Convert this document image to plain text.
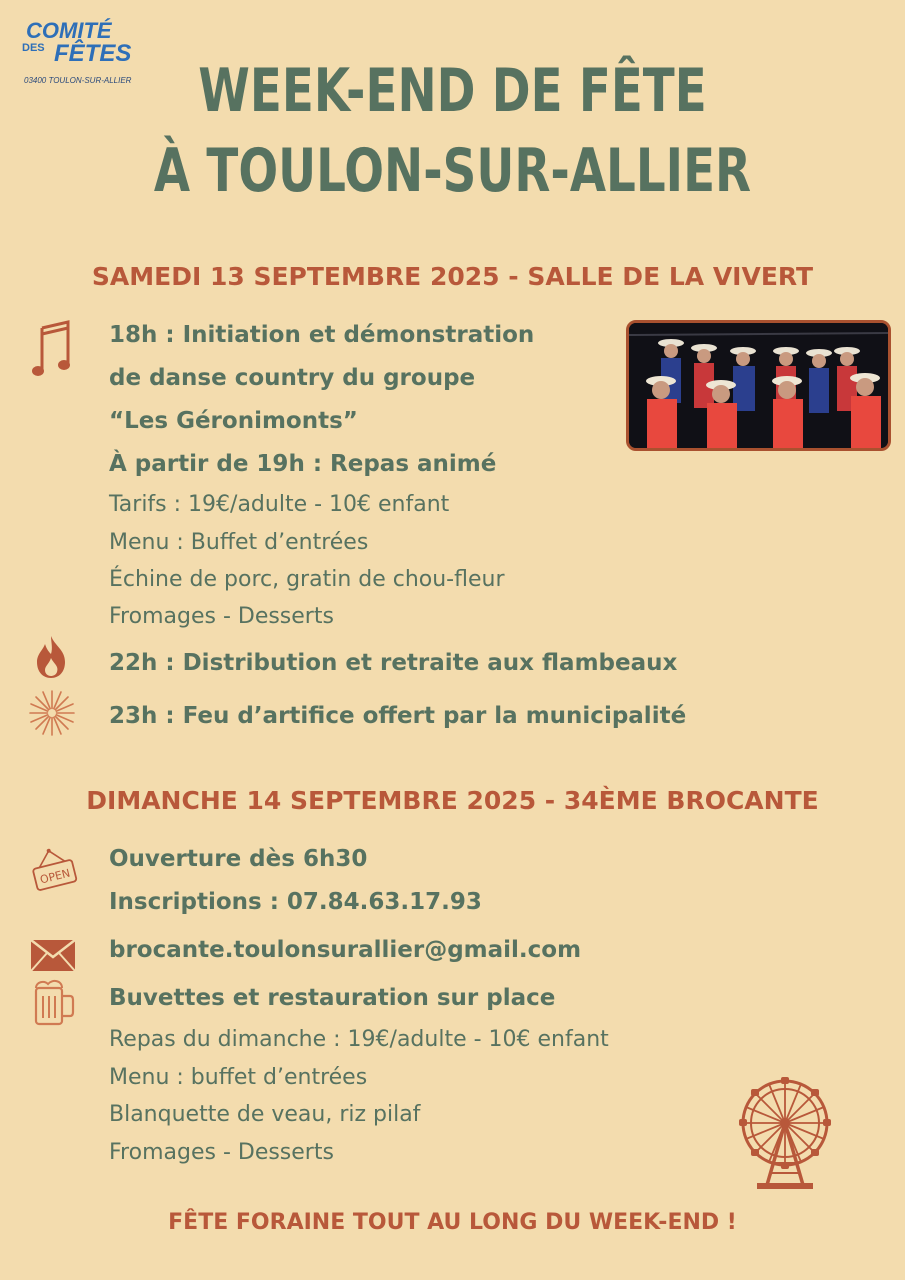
COMITÉ
DES FÊTES
03400 TOULON-SUR-ALLIER	WEEK-END DE FÊTE
À TOULON-SUR-ALLIER
SAMEDI 13 SEPTEMBRE 2025 - SALLE DE LA VIVERT
18h : Initiation et démonstration
de danse country du groupe
“Les Géronimonts”
À partir de 19h : Repas animé
Tarifs : 19€/adulte - 10€ enfant
Menu : Buffet d’entrées
Échine de porc, gratin de chou-fleur
Fromages - Desserts
22h : Distribution et retraite aux flambeaux
23h : Feu d’artifice offert par la municipalité
DIMANCHE 14 SEPTEMBRE 2025 - 34ÈME BROCANTE
OPEN
Ouverture dès 6h30
Inscriptions : 07.84.63.17.93
brocante.toulonsurallier@gmail.com
Buvettes et restauration sur place
Repas du dimanche : 19€/adulte - 10€ enfant
Menu : buffet d’entrées
Blanquette de veau, riz pilaf
Fromages - Desserts
FÊTE FORAINE TOUT AU LONG DU WEEK-END !
